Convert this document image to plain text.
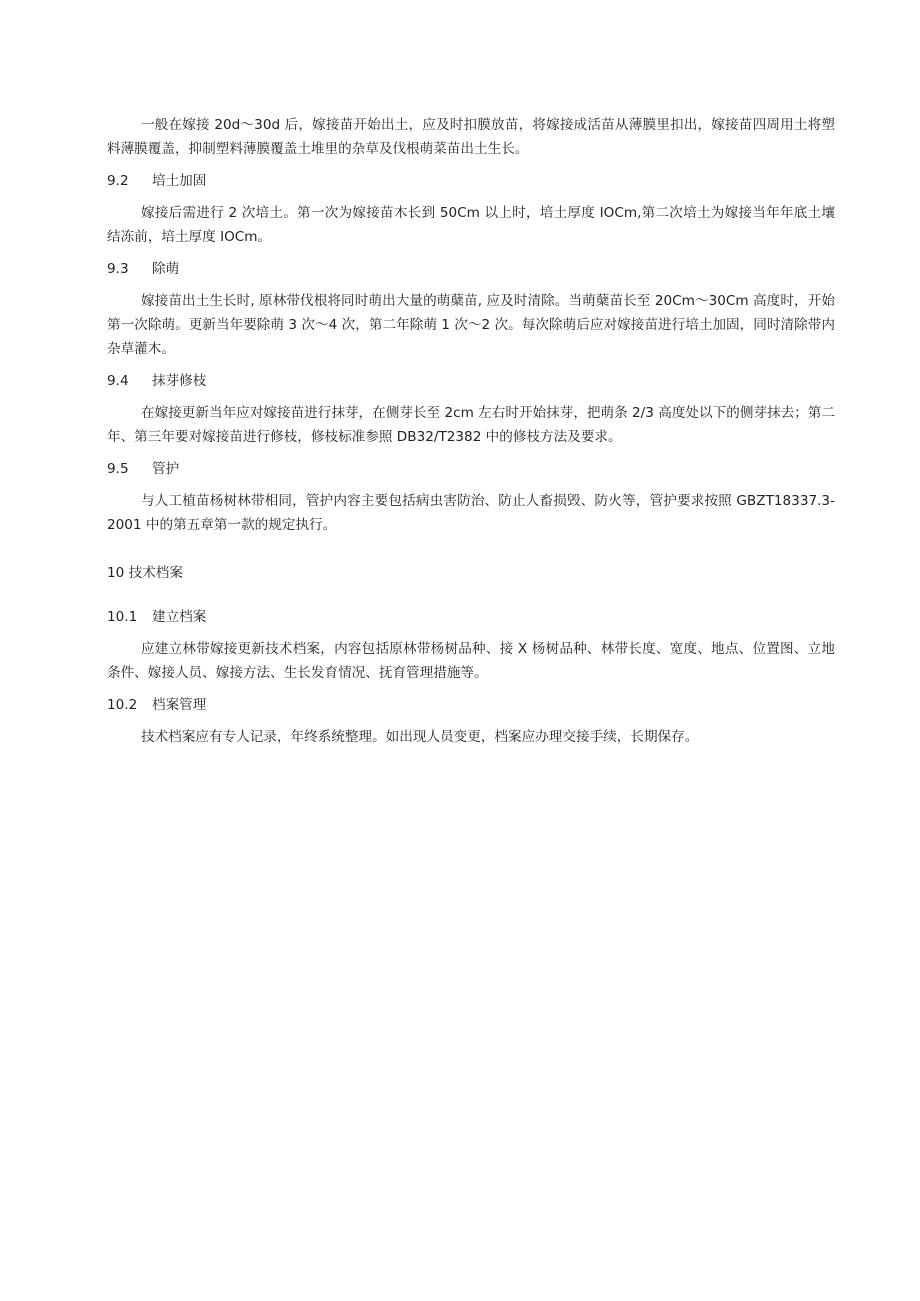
一般在嫁接 20d～30d 后，嫁接苗开始出土，应及时扣膜放苗，将嫁接成活苗从薄膜里扣出，嫁接苗四周用土将塑料薄膜覆盖，抑制塑料薄膜覆盖土堆里的杂草及伐根萌菜苗出土生长。

9.2	培土加固

嫁接后需进行 2 次培土。第一次为嫁接苗木长到 50Cm 以上时，培土厚度 IOCm,第二次培土为嫁接当年年底土壤结冻前，培土厚度 IOCm。

9.3	除萌

嫁接苗出土生长时, 原林带伐根将同时萌出大量的萌蘖苗, 应及时清除。当萌蘖苗长至 20Cm～30Cm 高度时，开始第一次除萌。更新当年要除萌 3 次～4 次，第二年除萌 1 次～2 次。每次除萌后应对嫁接苗进行培土加固，同时清除带内杂草灌木。

9.4	抹芽修枝

在嫁接更新当年应对嫁接苗进行抹芽，在侧芽长至 2cm 左右时开始抹芽，把萌条 2/3 高度处以下的侧芽抹去；第二年、第三年要对嫁接苗进行修枝，修枝标准参照 DB32/T2382 中的修枝方法及要求。

9.5	管护

与人工植苗杨树林带相同，管护内容主要包括病虫害防治、防止人畜损毁、防火等，管护要求按照 GBZT18337.3-2001 中的第五章第一款的规定执行。

10 技术档案
10.1	建立档案

应建立林带嫁接更新技术档案，内容包括原林带杨树品种、接 X 杨树品种、林带长度、宽度、地点、位置图、立地条件、嫁接人员、嫁接方法、生长发育情况、抚育管理措施等。

10.2	档案管理

技术档案应有专人记录，年终系统整理。如出现人员变更，档案应办理交接手续，长期保存。
